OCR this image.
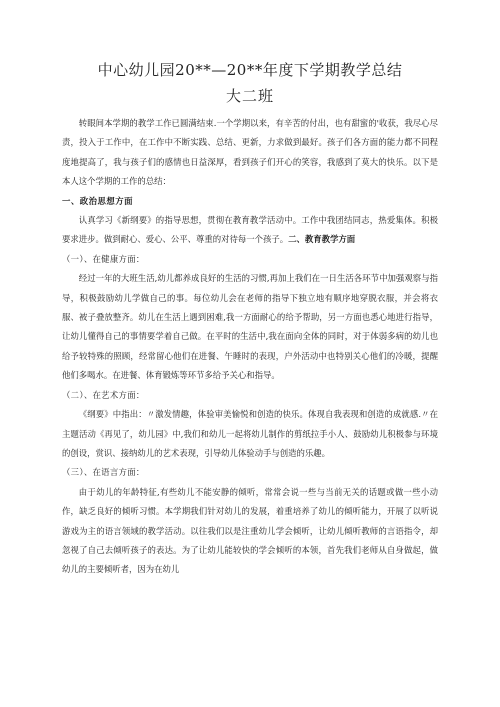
中心幼儿园20**—20**年度下学期教学总结
大二班

转眼间本学期的教学工作已圆满结束.一个学期以来，有辛苦的付出，也有甜蜜的'收获，我尽心尽责，投入于工作中，在工作中不断实践、总结、更新，力求做到最好。孩子们各方面的能力都不同程度地提高了，我与孩子们的感情也日益深厚，看到孩子们开心的笑容，我感到了莫大的快乐。以下是本人这个学期的工作的总结：

一、政治思想方面

认真学习《新纲要》的指导思想，贯彻在教育教学活动中。工作中我团结同志，热爱集体。积极要求进步。做到耐心、爱心、公平、尊重的对待每一个孩子。二、教育教学方面

（一）、在健康方面：

经过一年的大班生活,幼儿都养成良好的生活的习惯,再加上我们在一日生活各环节中加强观察与指导，积极鼓励幼儿学做自己的事。每位幼儿会在老师的指导下独立地有顺序地穿脱衣服，并会将衣服、被子叠放整齐。幼儿在生活上遇到困难,我一方面耐心的给予帮助，另一方面也悉心地进行指导，让幼儿懂得自己的事情要学着自己做。在平时的生活中,我在面向全体的同时，对于体弱多病的幼儿也给予较特殊的照顾，经常留心他们在进餐、午睡时的表现，户外活动中也特别关心他们的冷暖，提醒他们多喝水。在进餐、体育锻炼等环节多给予关心和指导。

（二）、在艺术方面：

《纲要》中指出：〃激发情趣，体验审美愉悦和创造的快乐。体现自我表现和创造的成就感.〃在主题活动《再见了，幼儿园》中,我们和幼儿一起将幼儿制作的剪纸拉手小人、鼓励幼儿积极参与环境的创设，赏识、接纳幼儿的艺术表现，引导幼儿体验动手与创造的乐趣。

（三）、在语言方面：

由于幼儿的年龄特征,有些幼儿不能安静的倾听，常常会说一些与当前无关的话题或做一些小动作，缺乏良好的倾听习惯。本学期我们针对幼儿的发展，着重培养了幼儿的倾听能力，开展了以听说游戏为主的语言领域的教学活动。以往我们以是注重幼儿学会倾听，让幼儿倾听教师的言语指令，却忽视了自己去倾听孩子的表达。为了让幼儿能较快的学会倾听的本领，首先我们老师从自身做起，做幼儿的主要倾听者，因为在幼儿
